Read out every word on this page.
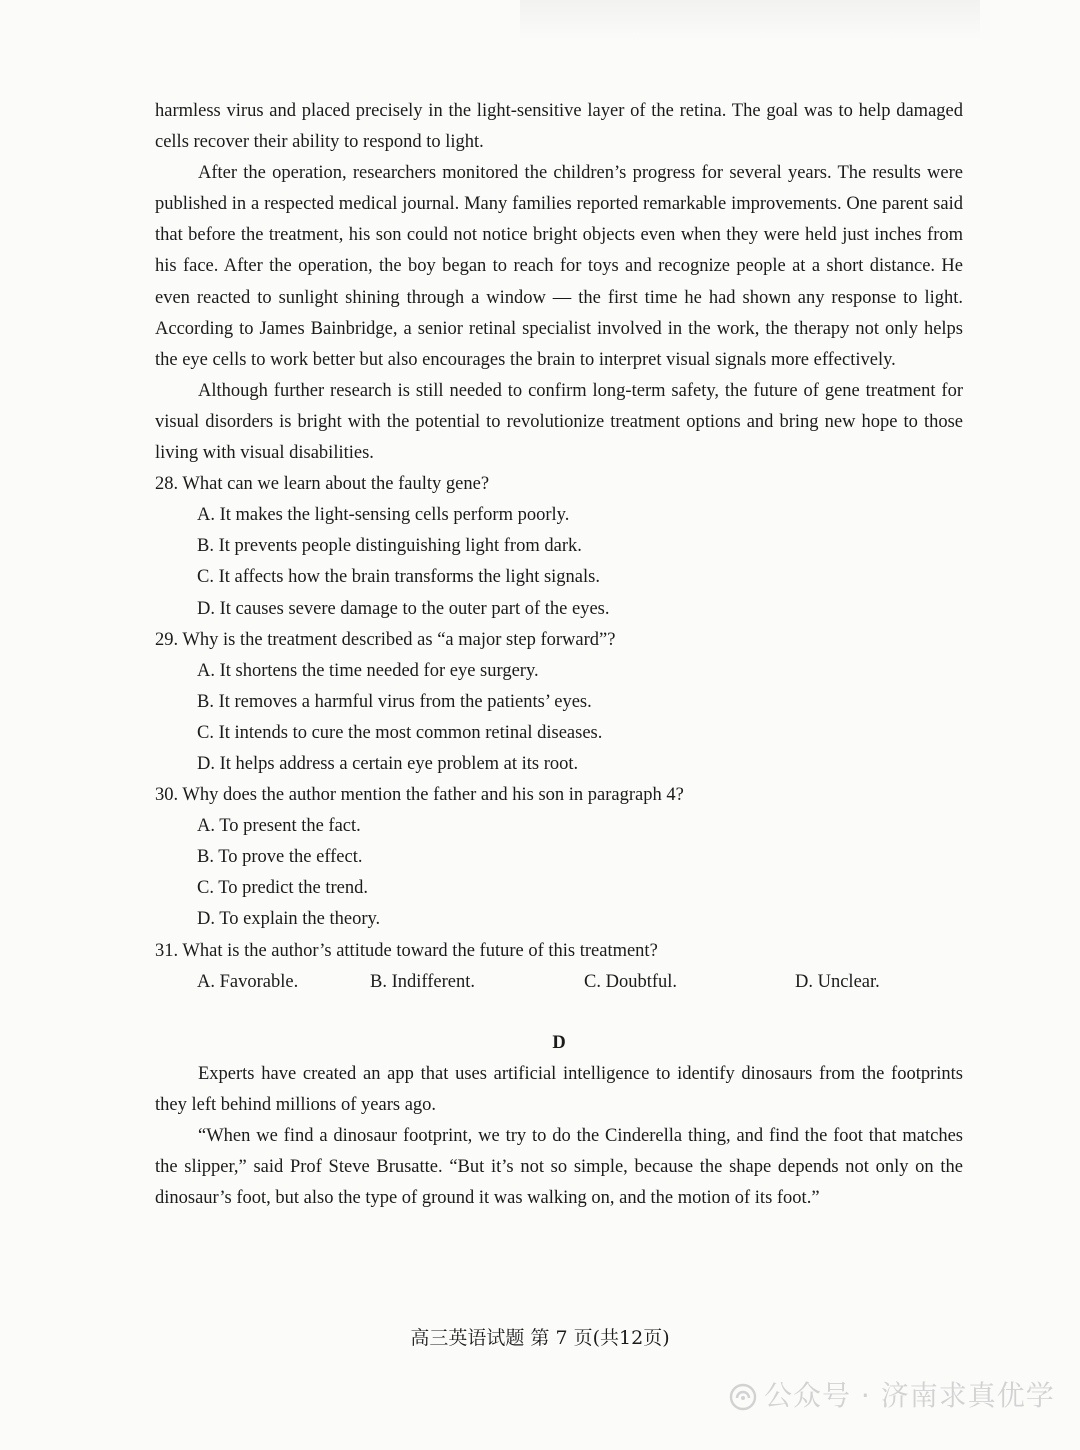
harmless virus and placed precisely in the light-sensitive layer of the retina. The goal was to help damaged cells recover their ability to respond to light.

After the operation, researchers monitored the children’s progress for several years. The results were published in a respected medical journal. Many families reported remarkable improvements. One parent said that before the treatment, his son could not notice bright objects even when they were held just inches from his face. After the operation, the boy began to reach for toys and recognize people at a short distance. He even reacted to sunlight shining through a window — the first time he had shown any response to light. According to James Bainbridge, a senior retinal specialist involved in the work, the therapy not only helps the eye cells to work better but also encourages the brain to interpret visual signals more effectively.

Although further research is still needed to confirm long-term safety, the future of gene treatment for visual disorders is bright with the potential to revolutionize treatment options and bring new hope to those living with visual disabilities.

28. What can we learn about the faulty gene?

A. It makes the light-sensing cells perform poorly.

B. It prevents people distinguishing light from dark.

C. It affects how the brain transforms the light signals.

D. It causes severe damage to the outer part of the eyes.

29. Why is the treatment described as “a major step forward”?

A. It shortens the time needed for eye surgery.

B. It removes a harmful virus from the patients’ eyes.

C. It intends to cure the most common retinal diseases.

D. It helps address a certain eye problem at its root.

30. Why does the author mention the father and his son in paragraph 4?

A. To present the fact.

B. To prove the effect.

C. To predict the trend.

D. To explain the theory.

31. What is the author’s attitude toward the future of this treatment?

A. Favorable.	B. Indifferent.	C. Doubtful.	D. Unclear.

D

Experts have created an app that uses artificial intelligence to identify dinosaurs from the footprints they left behind millions of years ago.

“When we find a dinosaur footprint, we try to do the Cinderella thing, and find the foot that matches the slipper,” said Prof Steve Brusatte. “But it’s not so simple, because the shape depends not only on the dinosaur’s foot, but also the type of ground it was walking on, and the motion of its foot.”

高三英语试题 第 7 页(共12页)
公众号 · 济南求真优学
